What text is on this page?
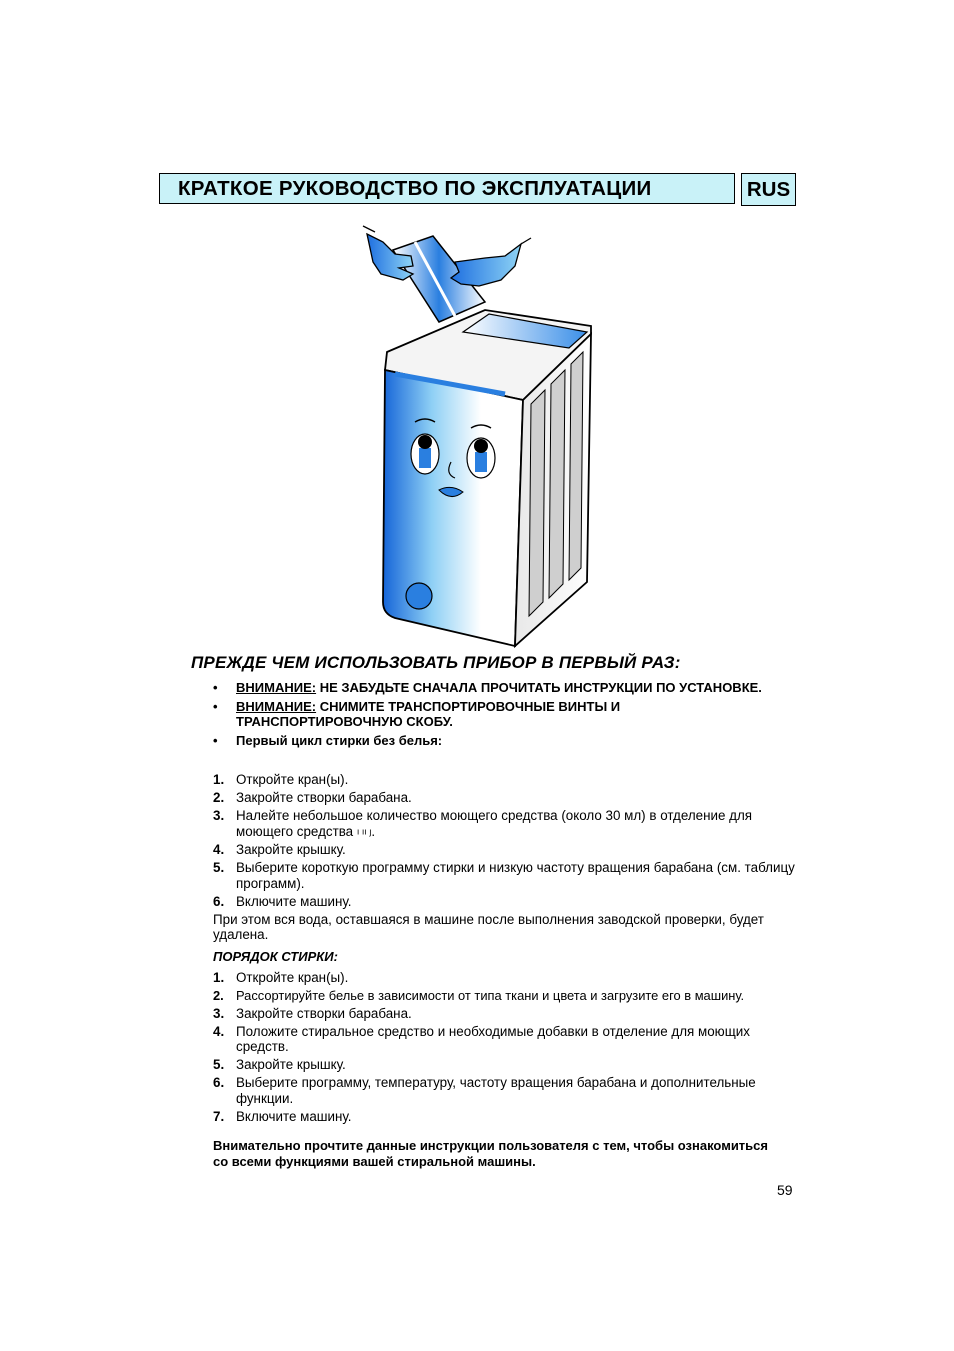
КРАТКОЕ РУКОВОДСТВО ПО ЭКСПЛУАТАЦИИ	RUS
ПРЕЖДЕ ЧЕМ ИСПОЛЬЗОВАТЬ ПРИБОР В ПЕРВЫЙ РАЗ:
• ВНИМАНИЕ: НЕ ЗАБУДЬТЕ СНАЧАЛА ПРОЧИТАТЬ ИНСТРУКЦИИ ПО УСТАНОВКЕ.
• ВНИМАНИЕ: СНИМИТЕ ТРАНСПОРТИРОВОЧНЫЕ ВИНТЫ И ТРАНСПОРТИРОВОЧНУЮ СКОБУ.
• Первый цикл стирки без белья:
1. Откройте кран(ы).
2. Закройте створки барабана.
3. Налейте небольшое количество моющего средства (около 30 мл) в отделение для моющего средства ı ıı ȷ.
4. Закройте крышку.
5. Выберите короткую программу стирки и низкую частоту вращения барабана (см. таблицу программ).
6. Включите машину.
При этом вся вода, оставшаяся в машине после выполнения заводской проверки, будет удалена.
ПОРЯДОК СТИРКИ:
1. Откройте кран(ы).
2. Рассортируйте белье в зависимости от типа ткани и цвета и загрузите его в машину.
3. Закройте створки барабана.
4. Положите стиральное средство и необходимые добавки в отделение для моющих средств.
5. Закройте крышку.
6. Выберите программу, температуру, частоту вращения барабана и дополнительные функции.
7. Включите машину.
Внимательно прочтите данные инструкции пользователя с тем, чтобы ознакомиться со всеми функциями вашей стиральной машины.
59
